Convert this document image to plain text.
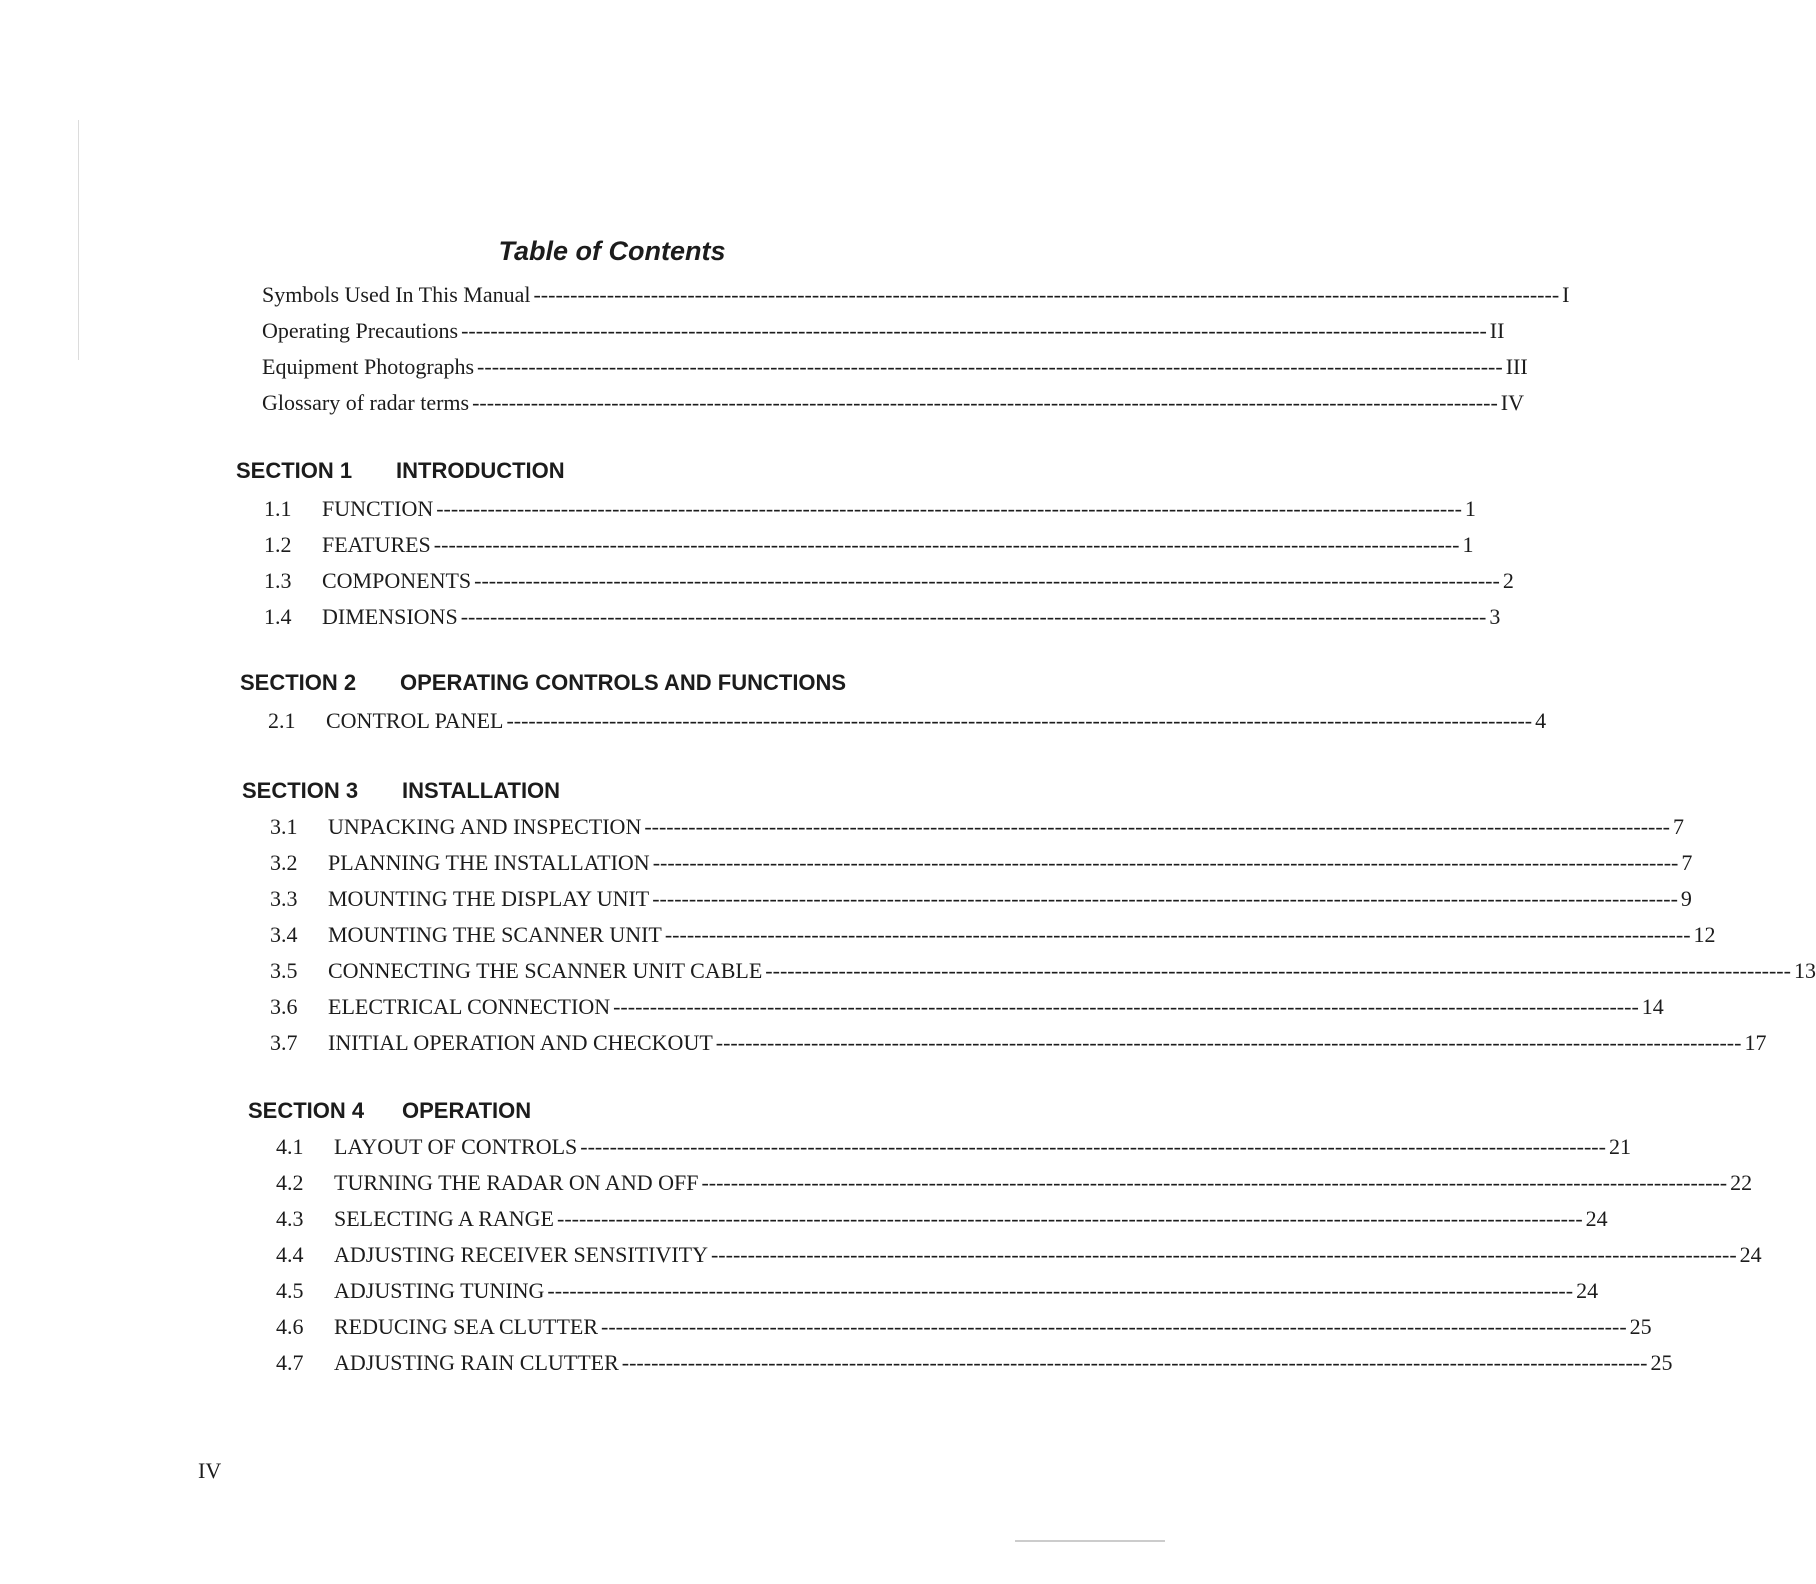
Table of Contents
Symbols Used In This Manual -------------------------------------------------------------------------------------------------------------------------------------------- I
Operating Precautions -------------------------------------------------------------------------------------------------------------------------------------------- II
Equipment Photographs -------------------------------------------------------------------------------------------------------------------------------------------- III
Glossary of radar terms -------------------------------------------------------------------------------------------------------------------------------------------- IV
SECTION 1	INTRODUCTION
1.1	FUNCTION -------------------------------------------------------------------------------------------------------------------------------------------- 1
1.2	FEATURES -------------------------------------------------------------------------------------------------------------------------------------------- 1
1.3	COMPONENTS -------------------------------------------------------------------------------------------------------------------------------------------- 2
1.4	DIMENSIONS -------------------------------------------------------------------------------------------------------------------------------------------- 3
SECTION 2	OPERATING CONTROLS AND FUNCTIONS
2.1	CONTROL PANEL -------------------------------------------------------------------------------------------------------------------------------------------- 4
SECTION 3	INSTALLATION
3.1	UNPACKING AND INSPECTION -------------------------------------------------------------------------------------------------------------------------------------------- 7
3.2	PLANNING THE INSTALLATION -------------------------------------------------------------------------------------------------------------------------------------------- 7
3.3	MOUNTING THE DISPLAY UNIT -------------------------------------------------------------------------------------------------------------------------------------------- 9
3.4	MOUNTING THE SCANNER UNIT -------------------------------------------------------------------------------------------------------------------------------------------- 12
3.5	CONNECTING THE SCANNER UNIT CABLE -------------------------------------------------------------------------------------------------------------------------------------------- 13
3.6	ELECTRICAL CONNECTION -------------------------------------------------------------------------------------------------------------------------------------------- 14
3.7	INITIAL OPERATION AND CHECKOUT -------------------------------------------------------------------------------------------------------------------------------------------- 17
SECTION 4	OPERATION
4.1	LAYOUT OF CONTROLS -------------------------------------------------------------------------------------------------------------------------------------------- 21
4.2	TURNING THE RADAR ON AND OFF -------------------------------------------------------------------------------------------------------------------------------------------- 22
4.3	SELECTING A RANGE -------------------------------------------------------------------------------------------------------------------------------------------- 24
4.4	ADJUSTING RECEIVER SENSITIVITY -------------------------------------------------------------------------------------------------------------------------------------------- 24
4.5	ADJUSTING TUNING -------------------------------------------------------------------------------------------------------------------------------------------- 24
4.6	REDUCING SEA CLUTTER -------------------------------------------------------------------------------------------------------------------------------------------- 25
4.7	ADJUSTING RAIN CLUTTER -------------------------------------------------------------------------------------------------------------------------------------------- 25
IV
